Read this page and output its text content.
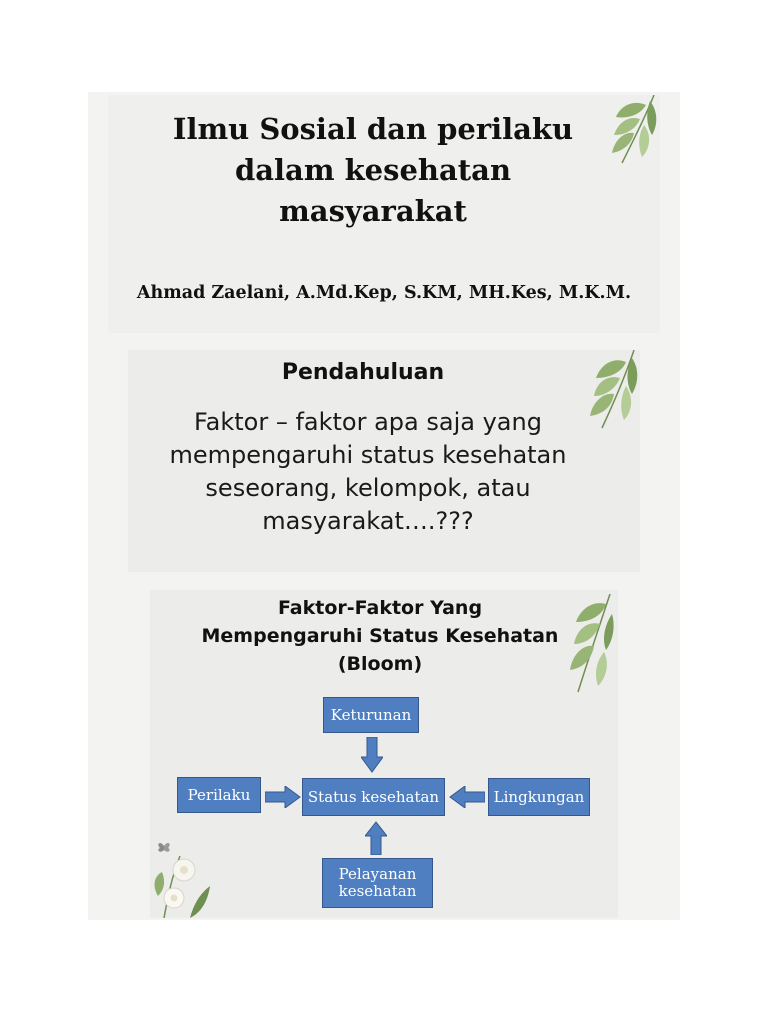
Ilmu Sosial dan perilaku
dalam kesehatan masyarakat
Ahmad Zaelani, A.Md.Kep, S.KM, MH.Kes, M.K.M.
Pendahuluan
Faktor – faktor apa saja yang
mempengaruhi status kesehatan
seseorang, kelompok, atau
masyarakat….???
Faktor-Faktor Yang
Mempengaruhi Status Kesehatan
(Bloom)
Keturunan
Perilaku	Status kesehatan	Lingkungan
Pelayanan
kesehatan
